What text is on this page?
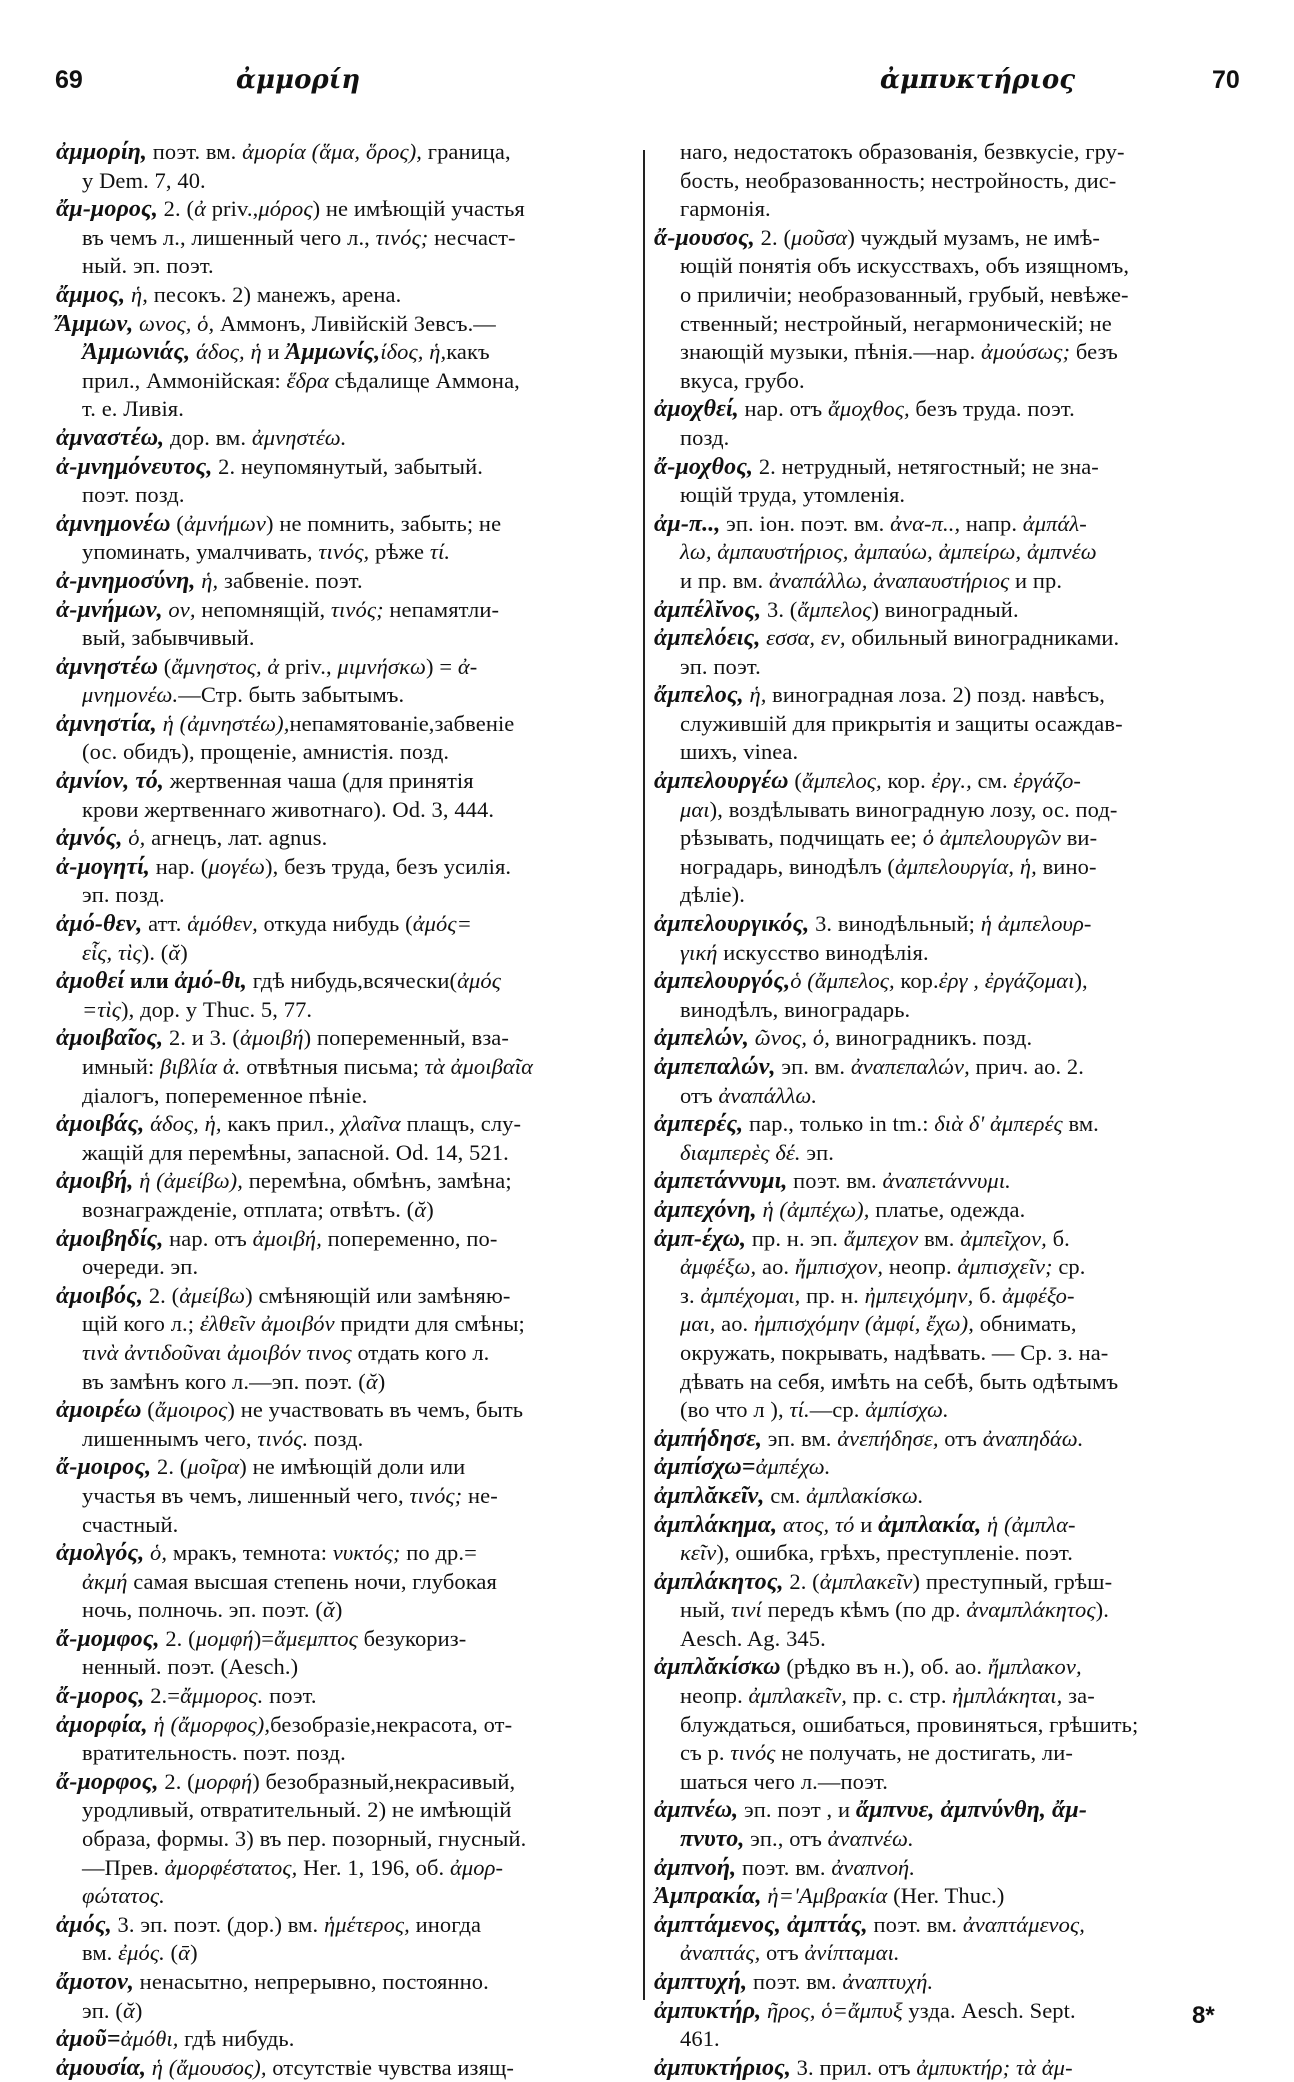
69	ἀμμορίη	ἀμπυκτήριος	70
ἀμμορίη, поэт. вм. ἀμορία (ἅμα, ὅρος), граница,
у Dem. 7, 40.
ἄμ-μορος, 2. (ἀ priv.,μόρος) не имѣющій участья
въ чемъ л., лишенный чего л., τινός; несчаст-
ный. эп. поэт.
ἄμμος, ἡ, песокъ. 2) манежъ, арена.
Ἄμμων, ωνος, ὁ, Аммонъ, Ливійскій Зевсъ.—
Ἀμμωνιάς, άδος, ἡ и Ἀμμωνίς,ίδος, ἡ,какъ
прил., Аммонійская: ἕδρα сѣдалище Аммона,
т. е. Ливія.
ἀμναστέω, дор. вм. ἀμνηστέω.
ἀ-μνημόνευτος, 2. неупомянутый, забытый.
поэт. позд.
ἀμνημονέω (ἀμνήμων) не помнить, забыть; не
упоминать, умалчивать, τινός, рѣже τί.
ἀ-μνημοσύνη, ἡ, забвеніе. поэт.
ἀ-μνήμων, ον, непомнящій, τινός; непамятли-
вый, забывчивый.
ἀμνηστέω (ἄμνηστος, ἀ priv., μιμνήσκω) = ἀ-
μνημονέω.—Стр. быть забытымъ.
ἀμνηστία, ἡ (ἀμνηστέω),непамятованіе,забвеніе
(ос. обидъ), прощеніе, амнистія. позд.
ἀμνίον, τό, жертвенная чаша (для принятія
крови жертвеннаго животнаго). Od. 3, 444.
ἀμνός, ὁ, агнецъ, лат. agnus.
ἀ-μογητί, нар. (μογέω), безъ труда, безъ усилія.
эп. позд.
ἀμό-θεν, атт. ἁμόθεν, откуда нибудь (ἀμός=
εἷς, τὶς). (ᾰ)
ἀμοθεί или ἀμό-θι, гдѣ нибудь,всячески(ἀμός
=τὶς), дор. у Thuc. 5, 77.
ἀμοιβαῖος, 2. и 3. (ἀμοιβή) попеременный, вза-
имный: βιβλία ἀ. отвѣтныя письма; τὰ ἀμοιβαῖα
діалогъ, попеременное пѣніе.
ἀμοιβάς, άδος, ἡ, какъ прил., χλαῖνα плащъ, слу-
жащій для перемѣны, запасной. Od. 14, 521.
ἀμοιβή, ἡ (ἀμείβω), перемѣна, обмѣнъ, замѣна;
вознагражденіе, отплата; отвѣтъ. (ᾰ)
ἀμοιβηδίς, нар. отъ ἀμοιβή, попеременно, по-
очереди. эп.
ἀμοιβός, 2. (ἀμείβω) смѣняющій или замѣняю-
щій кого л.; ἐλθεῖν ἀμοιβόν придти для смѣны;
τινὰ ἀντιδοῦναι ἀμοιβόν τινος отдать кого л.
въ замѣнъ кого л.—эп. поэт. (ᾰ)
ἀμοιρέω (ἄμοιρος) не участвовать въ чемъ, быть
лишеннымъ чего, τινός. позд.
ἄ-μοιρος, 2. (μοῖρα) не имѣющій доли или
участья въ чемъ, лишенный чего, τινός; не-
счастный.
ἀμολγός, ὁ, мракъ, темнота: νυκτός; по др.=
ἀκμή самая высшая степень ночи, глубокая
ночь, полночь. эп. поэт. (ᾰ)
ἄ-μομφος, 2. (μομφή)=ἄμεμπτος безукориз-
ненный. поэт. (Aesch.)
ἄ-μορος, 2.=ἄμμορος. поэт.
ἀμορφία, ἡ (ἄμορφος),безобразіе,некрасота, от-
вратительность. поэт. позд.
ἄ-μορφος, 2. (μορφή) безобразный,некрасивый,
уродливый, отвратительный. 2) не имѣющій
образа, формы. 3) въ пер. позорный, гнусный.
—Прев. ἀμορφέστατος, Her. 1, 196, об. ἀμορ-
φώτατος.
ἀμός, 3. эп. поэт. (дор.) вм. ἡμέτερος, иногда
вм. ἐμός. (ᾱ)
ἄμοτον, ненасытно, непрерывно, постоянно.
эп. (ᾰ)
ἀμοῦ=ἀμόθι, гдѣ нибудь.
ἀμουσία, ἡ (ἄμουσος), отсутствіе чувства изящ-
наго, недостатокъ образованія, безвкусіе, гру-
бость, необразованность; нестройность, дис-
гармонія.
ἄ-μουσος, 2. (μοῦσα) чуждый музамъ, не имѣ-
ющій понятія объ искусствахъ, объ изящномъ,
о приличіи; необразованный, грубый, невѣже-
ственный; нестройный, негармоническій; не
знающій музыки, пѣнія.—нар. ἀμούσως; безъ
вкуса, грубо.
ἀμοχθεί, нар. отъ ἄμοχθος, безъ труда. поэт.
позд.
ἄ-μοχθος, 2. нетрудный, нетягостный; не зна-
ющій труда, утомленія.
ἀμ-π.., эп. іон. поэт. вм. ἀνα-π.., напр. ἀμπάλ-
λω, ἀμπαυστήριος, ἀμπαύω, ἀμπείρω, ἀμπνέω
и пр. вм. ἀναπάλλω, ἀναπαυστήριος и пр.
ἀμπέλῐνος, 3. (ἄμπελος) виноградный.
ἀμπελόεις, εσσα, εν, обильный виноградниками.
эп. поэт.
ἄμπελος, ἡ, виноградная лоза. 2) позд. навѣсъ,
служившій для прикрытія и защиты осаждав-
шихъ, vinea.
ἀμπελουργέω (ἄμπελος, кор. ἐργ., см. ἐργάζο-
μαι), воздѣлывать виноградную лозу, ос. под-
рѣзывать, подчищать ее; ὁ ἀμπελουργῶν ви-
ноградарь, винодѣлъ (ἀμπελουργία, ἡ, вино-
дѣліе).
ἀμπελουργικός, 3. винодѣльный; ἡ ἀμπελουρ-
γική искусство винодѣлія.
ἀμπελουργός,ὁ (ἄμπελος, кор.ἐργ , ἐργάζομαι),
винодѣлъ, виноградарь.
ἀμπελών, ῶνος, ὁ, виноградникъ. позд.
ἀμπεπαλών, эп. вм. ἀναπεπαλών, прич. ао. 2.
отъ ἀναπάλλω.
ἀμπερές, пар., только in tm.: διὰ δ' ἀμπερές вм.
διαμπερὲς δέ. эп.
ἀμπετάννυμι, поэт. вм. ἀναπετάννυμι.
ἀμπεχόνη, ἡ (ἀμπέχω), платье, одежда.
ἀμπ-έχω, пр. н. эп. ἄμπεχον вм. ἀμπεῖχον, б.
ἀμφέξω, ао. ἤμπισχον, неопр. ἀμπισχεῖν; ср.
з. ἀμπέχομαι, пр. н. ἠμπειχόμην, б. ἀμφέξο-
μαι, ао. ἠμπισχόμην (ἀμφί, ἔχω), обнимать,
окружать, покрывать, надѣвать. — Ср. з. на-
дѣвать на себя, имѣть на себѣ, быть одѣтымъ
(во что л ), τί.—ср. ἀμπίσχω.
ἀμπήδησε, эп. вм. ἀνεπήδησε, отъ ἀναπηδάω.
ἀμπίσχω=ἀμπέχω.
ἀμπλᾰκεῖν, см. ἀμπλακίσκω.
ἀμπλάκημα, ατος, τό и ἀμπλακία, ἡ (ἀμπλα-
κεῖν), ошибка, грѣхъ, преступленіе. поэт.
ἀμπλάκητος, 2. (ἀμπλακεῖν) преступный, грѣш-
ный, τινί передъ кѣмъ (по др. ἀναμπλάκητος).
Aesch. Ag. 345.
ἀμπλᾰκίσκω (рѣдко въ н.), об. ао. ἤμπλακον,
неопр. ἀμπλακεῖν, пр. с. стр. ἠμπλάκηται, за-
блуждаться, ошибаться, провиняться, грѣшить;
съ р. τινός не получать, не достигать, ли-
шаться чего л.—поэт.
ἀμπνέω, эп. поэт , и ἄμπνυε, ἀμπνύνθη, ἄμ-
πνυτο, эп., отъ ἀναπνέω.
ἀμπνοή, поэт. вм. ἀναπνοή.
Ἀμπρακία, ἡ='Αμβρακία (Her. Thuc.)
ἀμπτάμενος, ἀμπτάς, поэт. вм. ἀναπτάμενος,
ἀναπτάς, отъ ἀνίπταμαι.
ἀμπτυχή, поэт. вм. ἀναπτυχή.
ἀμπυκτήρ, ῆρος, ὁ=ἄμπυξ узда. Aesch. Sept.
461.
ἀμπυκτήριος, 3. прил. отъ ἀμπυκτήρ; τὰ ἀμ-
8*
